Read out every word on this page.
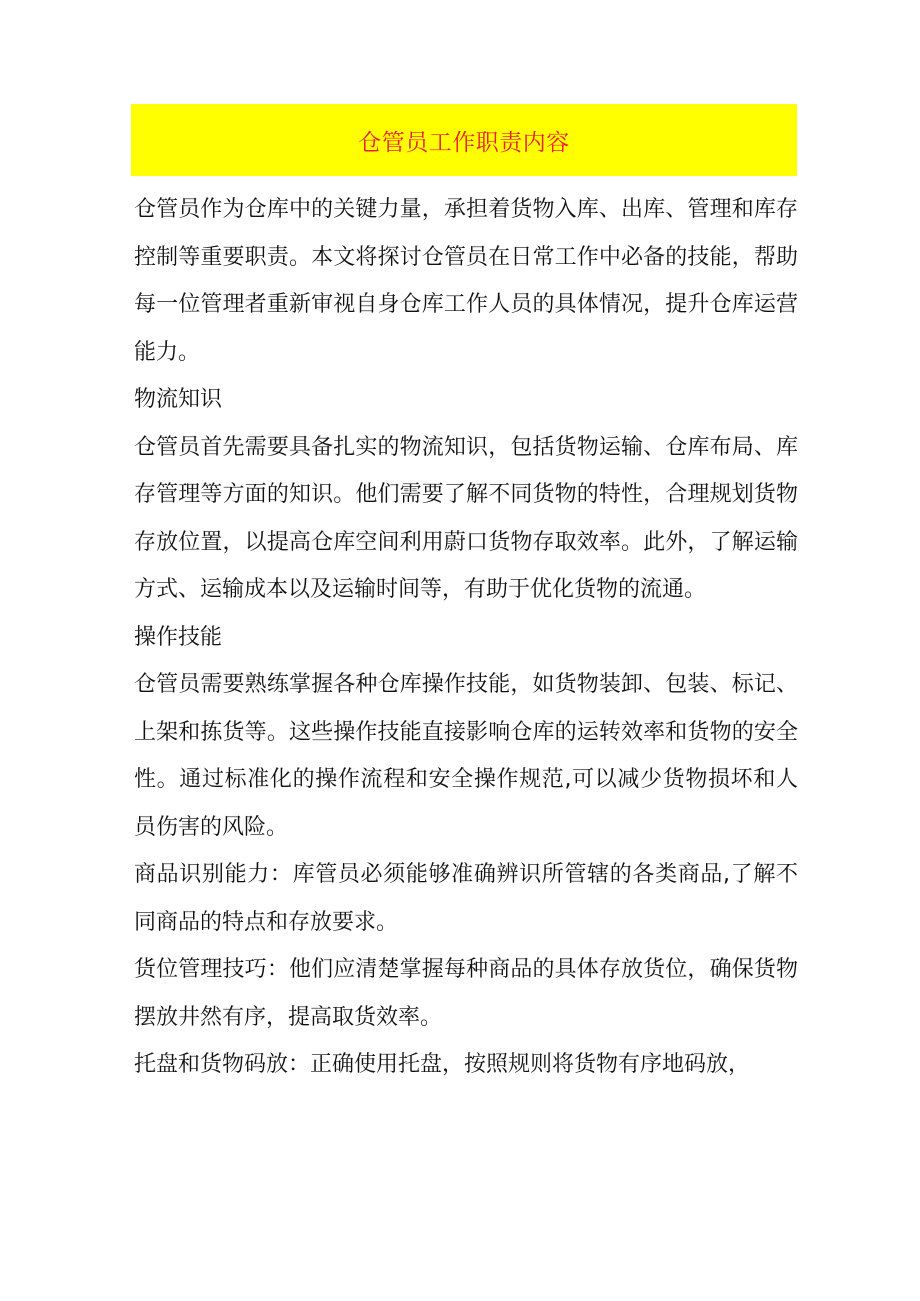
仓管员工作职责内容

仓管员作为仓库中的关键力量，承担着货物入库、出库、管理和库存控制等重要职责。本文将探讨仓管员在日常工作中必备的技能，帮助每一位管理者重新审视自身仓库工作人员的具体情况，提升仓库运营能力。

物流知识

仓管员首先需要具备扎实的物流知识，包括货物运输、仓库布局、库存管理等方面的知识。他们需要了解不同货物的特性，合理规划货物存放位置，以提高仓库空间利用蔚口货物存取效率。此外，了解运输方式、运输成本以及运输时间等，有助于优化货物的流通。

操作技能

仓管员需要熟练掌握各种仓库操作技能，如货物装卸、包装、标记、上架和拣货等。这些操作技能直接影响仓库的运转效率和货物的安全性。通过标准化的操作流程和安全操作规范,可以减少货物损坏和人员伤害的风险。

商品识别能力：库管员必须能够准确辨识所管辖的各类商品,了解不同商品的特点和存放要求。

货位管理技巧：他们应清楚掌握每种商品的具体存放货位，确保货物摆放井然有序，提高取货效率。

托盘和货物码放：正确使用托盘，按照规则将货物有序地码放，
